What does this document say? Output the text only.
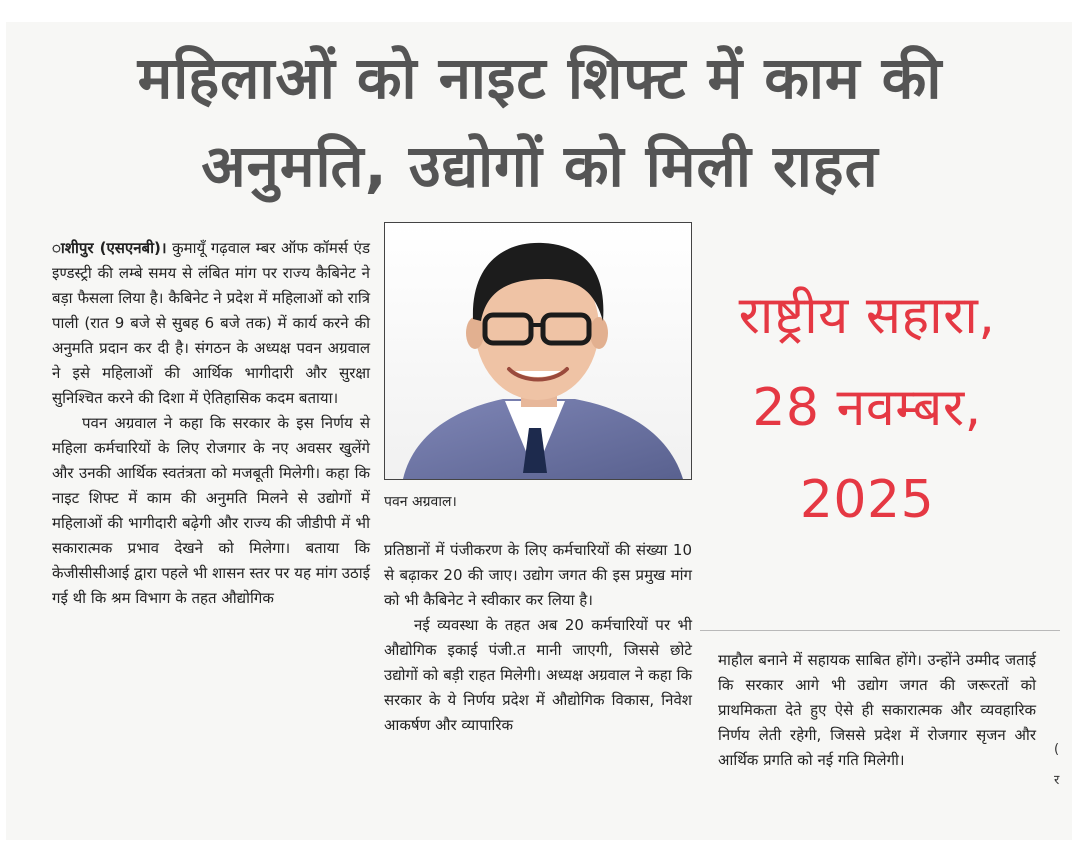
महिलाओं को नाइट शिफ्ट में काम की
अनुमति, उद्योगों को मिली राहत

ाशीपुर (एसएनबी)। कुमायूँ गढ़वाल म्बर ऑफ कॉमर्स एंड इण्डस्ट्री की लम्बे समय से लंबित मांग पर राज्य कैबिनेट ने बड़ा फैसला लिया है। कैबिनेट ने प्रदेश में महिलाओं को रात्रि पाली (रात 9 बजे से सुबह 6 बजे तक) में कार्य करने की अनुमति प्रदान कर दी है। संगठन के अध्यक्ष पवन अग्रवाल ने इसे महिलाओं की आर्थिक भागीदारी और सुरक्षा सुनिश्चित करने की दिशा में ऐतिहासिक कदम बताया।

पवन अग्रवाल ने कहा कि सरकार के इस निर्णय से महिला कर्मचारियों के लिए रोजगार के नए अवसर खुलेंगे और उनकी आर्थिक स्वतंत्रता को मजबूती मिलेगी। कहा कि नाइट शिफ्ट में काम की अनुमति मिलने से उद्योगों में महिलाओं की भागीदारी बढ़ेगी और राज्य की जीडीपी में भी सकारात्मक प्रभाव देखने को मिलेगा। बताया कि केजीसीसीआई द्वारा पहले भी शासन स्तर पर यह मांग उठाई गई थी कि श्रम विभाग के तहत औद्योगिक

पवन अग्रवाल।

प्रतिष्ठानों में पंजीकरण के लिए कर्मचारियों की संख्या 10 से बढ़ाकर 20 की जाए। उद्योग जगत की इस प्रमुख मांग को भी कैबिनेट ने स्वीकार कर लिया है।

नई व्यवस्था के तहत अब 20 कर्मचारियों पर भी औद्योगिक इकाई पंजी.त मानी जाएगी, जिससे छोटे उद्योगों को बड़ी राहत मिलेगी। अध्यक्ष अग्रवाल ने कहा कि सरकार के ये निर्णय प्रदेश में औद्योगिक विकास, निवेश आकर्षण और व्यापारिक

माहौल बनाने में सहायक साबित होंगे। उन्होंने उम्मीद जताई कि सरकार आगे भी उद्योग जगत की जरूरतों को प्राथमिकता देते हुए ऐसे ही सकारात्मक और व्यवहारिक निर्णय लेती रहेगी, जिससे प्रदेश में रोजगार सृजन और आर्थिक प्रगति को नई गति मिलेगी।

राष्ट्रीय सहारा,
28 नवम्बर,
2025
(
र
